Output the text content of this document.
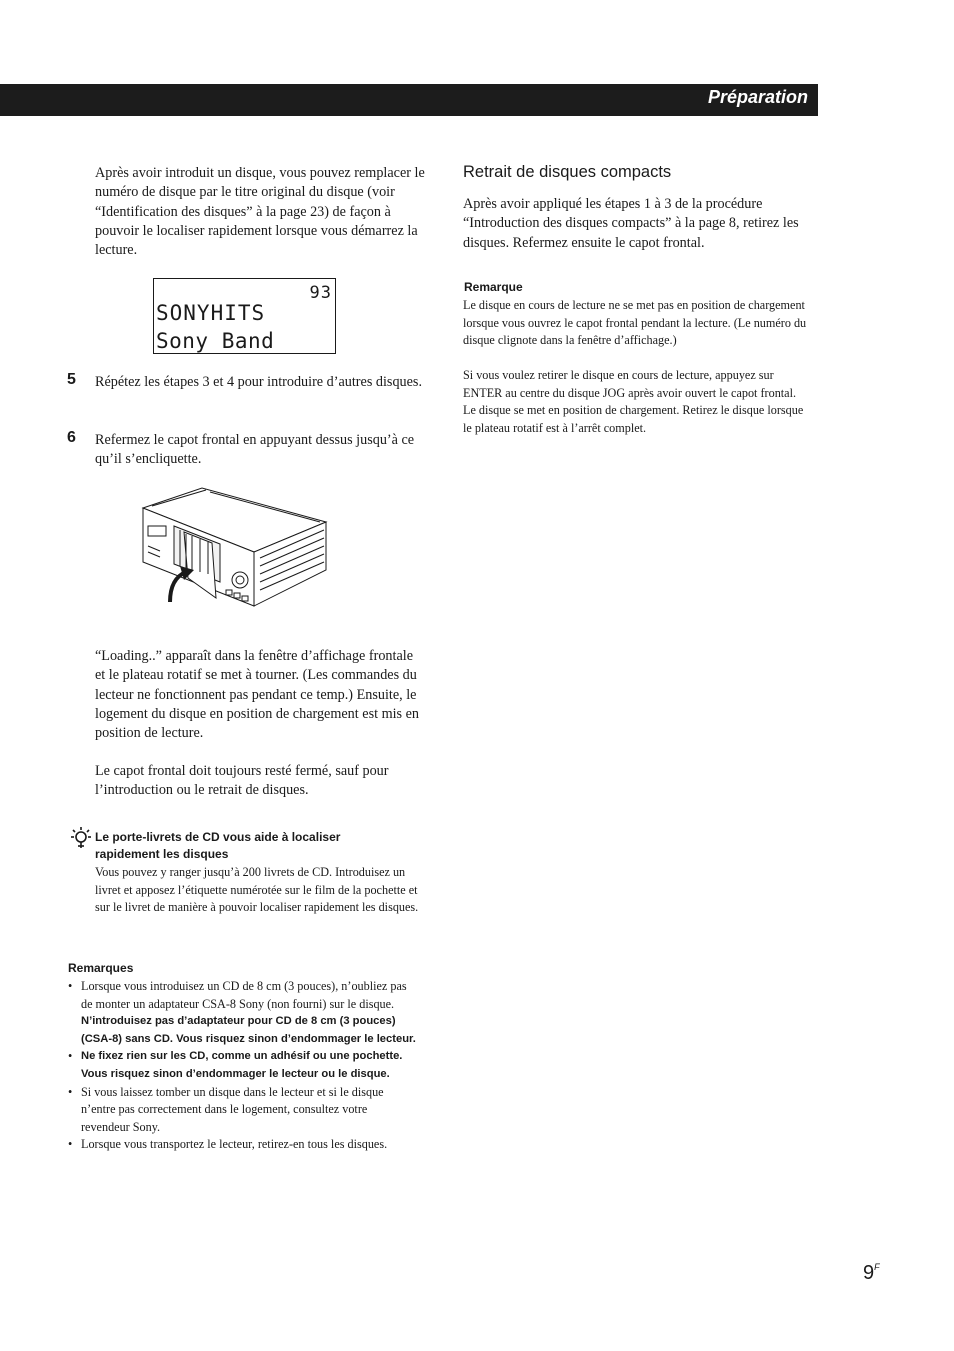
Préparation
Après avoir introduit un disque, vous pouvez remplacer le numéro de disque par le titre original du disque (voir “Identification des disques” à la page 23) de façon à pouvoir le localiser rapidement lorsque vous démarrez la lecture.
93
SONYHITS
Sony Band
5 Répétez les étapes 3 et 4 pour introduire d’autres disques.
6 Refermez le capot frontal en appuyant dessus jusqu’à ce qu’il s’encliquette.
“Loading..” apparaît dans la fenêtre d’affichage frontale et le plateau rotatif se met à tourner. (Les commandes du lecteur ne fonctionnent pas pendant ce temp.) Ensuite, le logement du disque en position de chargement est mis en position de lecture.
Le capot frontal doit toujours resté fermé, sauf pour l’introduction ou le retrait de disques.
Le porte-livrets de CD vous aide à localiser rapidement les disques
Vous pouvez y ranger jusqu’à 200 livrets de CD. Introduisez un livret et apposez l’étiquette numérotée sur le film de la pochette et sur le livret de manière à pouvoir localiser rapidement les disques.
Remarques
• Lorsque vous introduisez un CD de 8 cm (3 pouces), n’oubliez pas de monter un adaptateur CSA-8 Sony (non fourni) sur le disque.
N’introduisez pas d’adaptateur pour CD de 8 cm (3 pouces) (CSA-8) sans CD. Vous risquez sinon d’endommager le lecteur.
• Ne fixez rien sur les CD, comme un adhésif ou une pochette. Vous risquez sinon d’endommager le lecteur ou le disque.
• Si vous laissez tomber un disque dans le lecteur et si le disque n’entre pas correctement dans le logement, consultez votre revendeur Sony.
• Lorsque vous transportez le lecteur, retirez-en tous les disques.
Retrait de disques compacts
Après avoir appliqué les étapes 1 à 3 de la procédure “Introduction des disques compacts” à la page 8, retirez les disques. Refermez ensuite le capot frontal.
Remarque
Le disque en cours de lecture ne se met pas en position de chargement lorsque vous ouvrez le capot frontal pendant la lecture. (Le numéro du disque clignote dans la fenêtre d’affichage.)
Si vous voulez retirer le disque en cours de lecture, appuyez sur ENTER au centre du disque JOG après avoir ouvert le capot frontal. Le disque se met en position de chargement. Retirez le disque lorsque le plateau rotatif est à l’arrêt complet.
$9^F$
